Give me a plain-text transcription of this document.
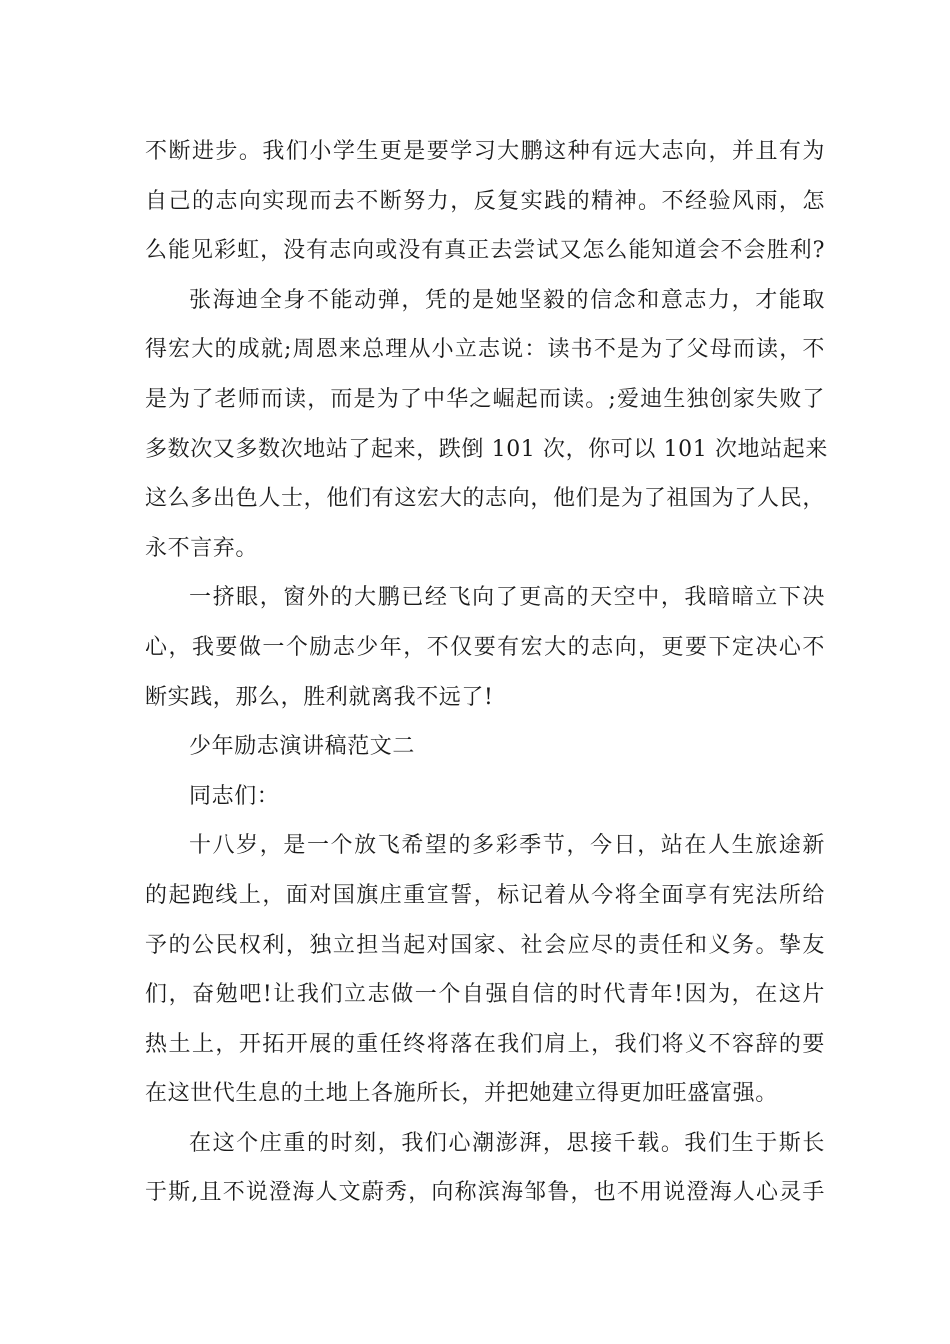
不断进步。我们小学生更是要学习大鹏这种有远大志向，并且有为
自己的志向实现而去不断努力，反复实践的精神。不经验风雨，怎
么能见彩虹，没有志向或没有真正去尝试又怎么能知道会不会胜利?
张海迪全身不能动弹，凭的是她坚毅的信念和意志力，才能取
得宏大的成就;周恩来总理从小立志说：读书不是为了父母而读，不
是为了老师而读，而是为了中华之崛起而读。;爱迪生独创家失败了
多数次又多数次地站了起来，跌倒 101 次，你可以 101 次地站起来
这么多出色人士，他们有这宏大的志向，他们是为了祖国为了人民，
永不言弃。
一挤眼，窗外的大鹏已经飞向了更高的天空中，我暗暗立下决
心，我要做一个励志少年，不仅要有宏大的志向，更要下定决心不
断实践，那么，胜利就离我不远了!
少年励志演讲稿范文二
同志们：
十八岁，是一个放飞希望的多彩季节，今日，站在人生旅途新
的起跑线上，面对国旗庄重宣誓，标记着从今将全面享有宪法所给
予的公民权利，独立担当起对国家、社会应尽的责任和义务。挚友
们，奋勉吧!让我们立志做一个自强自信的时代青年!因为，在这片
热土上，开拓开展的重任终将落在我们肩上，我们将义不容辞的要
在这世代生息的土地上各施所长，并把她建立得更加旺盛富强。
在这个庄重的时刻，我们心潮澎湃，思接千载。我们生于斯长
于斯,且不说澄海人文蔚秀，向称滨海邹鲁，也不用说澄海人心灵手
